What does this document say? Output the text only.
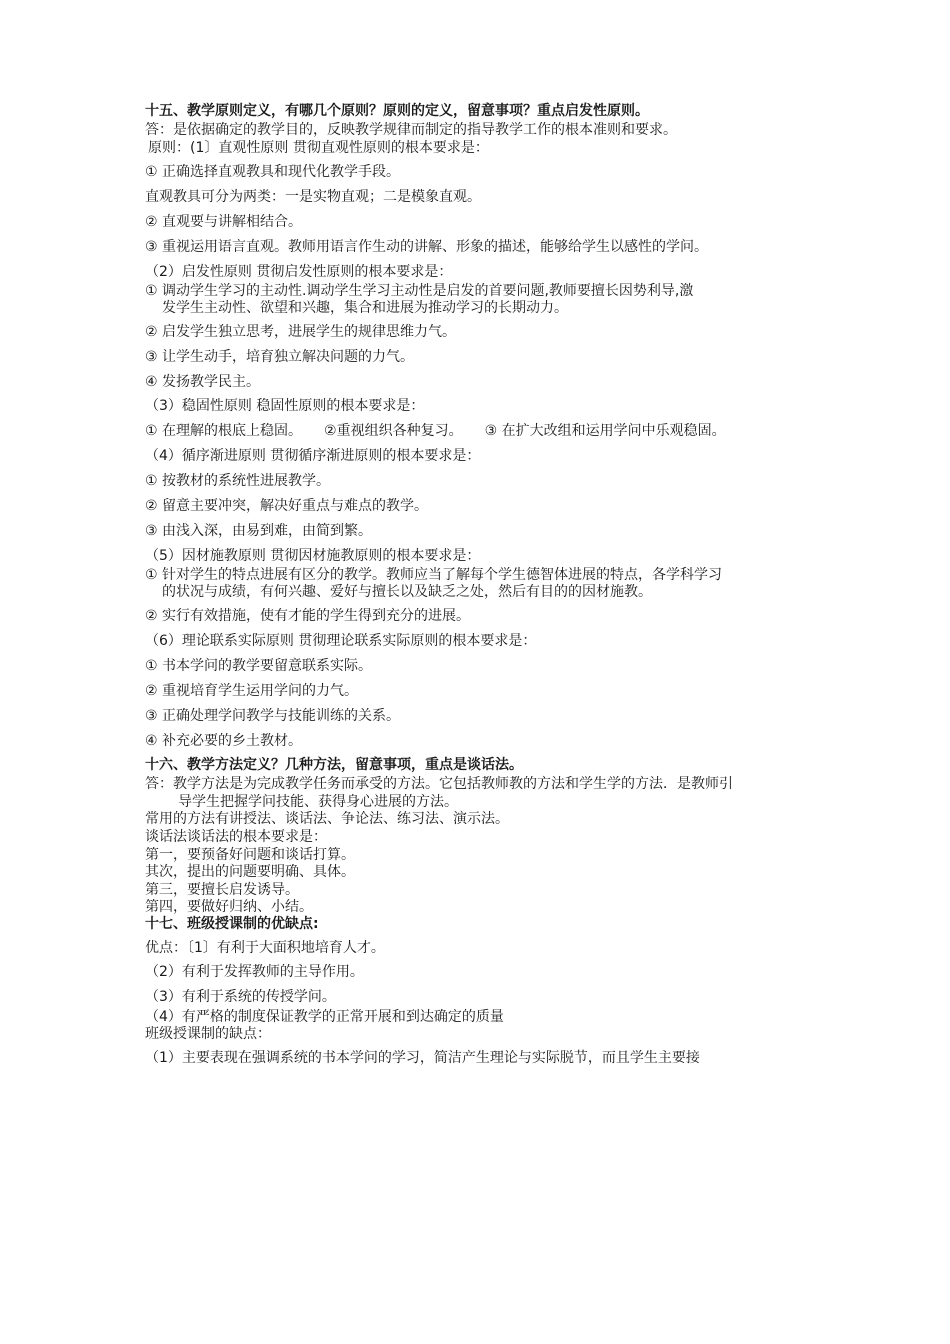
十五、教学原则定义，有哪几个原则？原则的定义，留意事项？重点启发性原则。
答：是依据确定的教学目的，反映教学规律而制定的指导教学工作的根本准则和要求。
原则：(1〕直观性原则 贯彻直观性原则的根本要求是：
① 正确选择直观教具和现代化教学手段。
直观教具可分为两类：一是实物直观；二是模象直观。
② 直观要与讲解相结合。
③ 重视运用语言直观。教师用语言作生动的讲解、形象的描述，能够给学生以感性的学问。
（2）启发性原则 贯彻启发性原则的根本要求是：
① 调动学生学习的主动性.调动学生学习主动性是启发的首要问题,教师要擅长因势利导,激
发学生主动性、欲望和兴趣，集合和进展为推动学习的长期动力。
② 启发学生独立思考，进展学生的规律思维力气。
③ 让学生动手，培育独立解决问题的力气。
④ 发扬教学民主。
（3）稳固性原则 稳固性原则的根本要求是：
① 在理解的根底上稳固。 ②重视组织各种复习。 ③ 在扩大改组和运用学问中乐观稳固。
（4）循序渐进原则 贯彻循序渐进原则的根本要求是：
① 按教材的系统性进展教学。
② 留意主要冲突，解决好重点与难点的教学。
③ 由浅入深，由易到难，由简到繁。
（5）因材施教原则 贯彻因材施教原则的根本要求是：
① 针对学生的特点进展有区分的教学。教师应当了解每个学生德智体进展的特点，各学科学习
的状况与成绩，有何兴趣、爱好与擅长以及缺乏之处，然后有目的的因材施教。
② 实行有效措施，使有才能的学生得到充分的进展。
（6）理论联系实际原则 贯彻理论联系实际原则的根本要求是：
① 书本学问的教学要留意联系实际。
② 重视培育学生运用学问的力气。
③ 正确处理学问教学与技能训练的关系。
④ 补充必要的乡土教材。
十六、教学方法定义？几种方法，留意事项，重点是谈话法。
答：教学方法是为完成教学任务而承受的方法。它包括教师教的方法和学生学的方法．是教师引
导学生把握学问技能、获得身心进展的方法。
常用的方法有讲授法、谈话法、争论法、练习法、演示法。
谈话法谈话法的根本要求是：
第一，要预备好问题和谈话打算。
其次，提出的问题要明确、具体。
第三，要擅长启发诱导。
第四，要做好归纳、小结。
十七、班级授课制的优缺点:
优点：〔1〕有利于大面积地培育人才。
（2）有利于发挥教师的主导作用。
（3）有利于系统的传授学问。
（4）有严格的制度保证教学的正常开展和到达确定的质量
班级授课制的缺点：
（1）主要表现在强调系统的书本学问的学习，简洁产生理论与实际脱节，而且学生主要接
